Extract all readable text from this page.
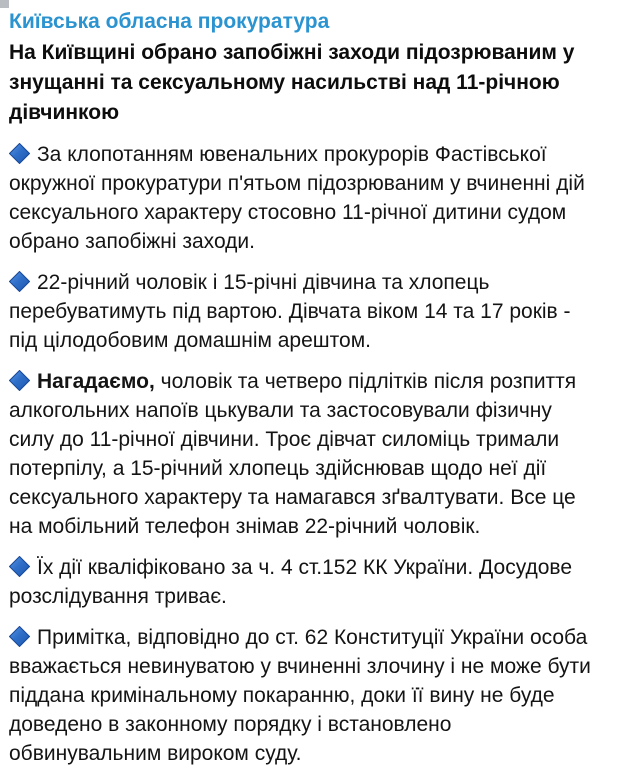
Київська обласна прокуратура
На Київщині обрано запобіжні заходи підозрюваним у знущанні та сексуальному насильстві над 11-річною дівчинкою

За клопотанням ювенальних прокурорів Фастівської окружної прокуратури п'ятьом підозрюваним у вчиненні дій сексуального характеру стосовно 11-річної дитини судом обрано запобіжні заходи.

22-річний чоловік і 15-річні дівчина та хлопець перебуватимуть під вартою. Дівчата віком 14 та 17 років - під цілодобовим домашнім арештом.

Нагадаємо, чоловік та четверо підлітків після розпиття алкогольних напоїв цькували та застосовували фізичну силу до 11-річної дівчини. Троє дівчат силоміць тримали потерпілу, а 15-річний хлопець здійснював щодо неї дії сексуального характеру та намагався зґвалтувати. Все це на мобільний телефон знімав 22-річний чоловік.

Їх дії кваліфіковано за ч. 4 ст.152 КК України. Досудове розслідування триває.

Примітка, відповідно до ст. 62 Конституції України особа вважається невинуватою у вчиненні злочину і не може бути піддана кримінальному покаранню, доки її вину не буде доведено в законному порядку і встановлено обвинувальним вироком суду.
